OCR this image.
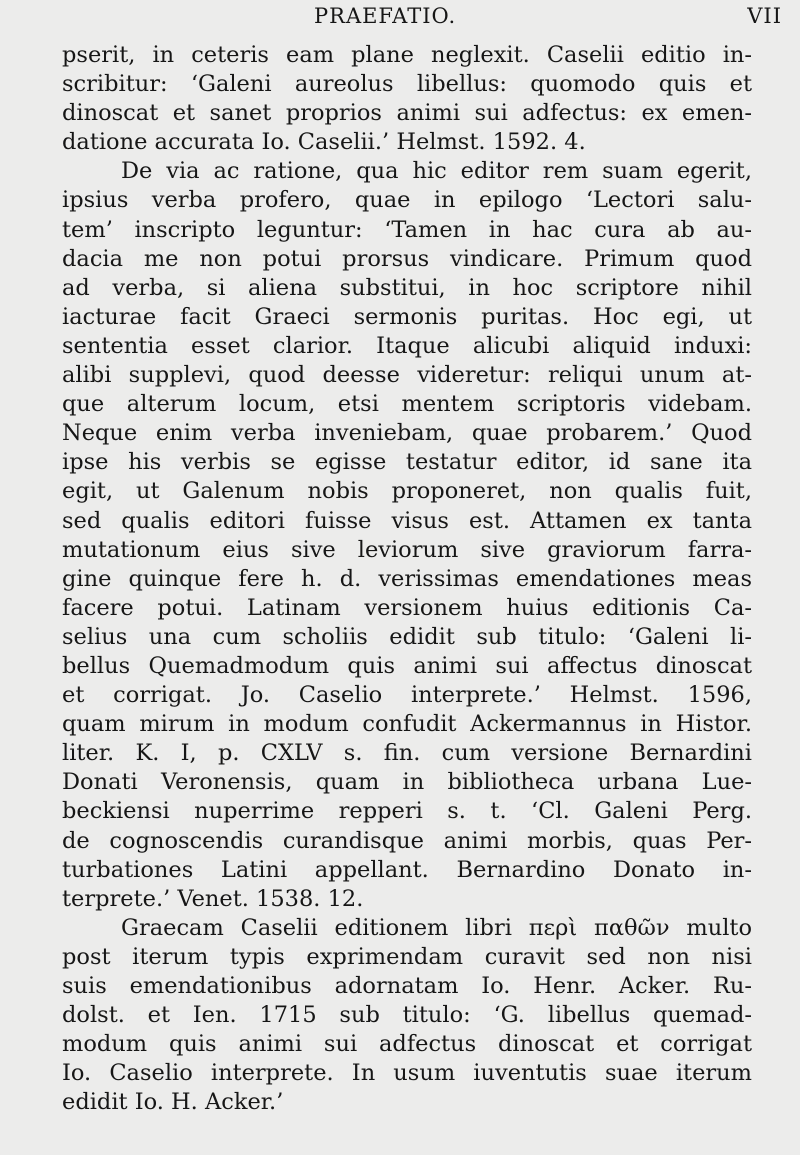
PRAEFATIO.	VII
pserit, in ceteris eam plane neglexit. Caselii editio in-
scribitur: ‘Galeni aureolus libellus: quomodo quis et
dinoscat et sanet proprios animi sui adfectus: ex emen-
datione accurata Io. Caselii.’ Helmst. 1592. 4.
De via ac ratione, qua hic editor rem suam egerit,
ipsius verba profero, quae in epilogo ‘Lectori salu-
tem’ inscripto leguntur: ‘Tamen in hac cura ab au-
dacia me non potui prorsus vindicare. Primum quod
ad verba, si aliena substitui, in hoc scriptore nihil
iacturae facit Graeci sermonis puritas. Hoc egi, ut
sententia esset clarior. Itaque alicubi aliquid induxi:
alibi supplevi, quod deesse videretur: reliqui unum at-
que alterum locum, etsi mentem scriptoris videbam.
Neque enim verba inveniebam, quae probarem.’ Quod
ipse his verbis se egisse testatur editor, id sane ita
egit, ut Galenum nobis proponeret, non qualis fuit,
sed qualis editori fuisse visus est. Attamen ex tanta
mutationum eius sive leviorum sive graviorum farra-
gine quinque fere h. d. verissimas emendationes meas
facere potui. Latinam versionem huius editionis Ca-
selius una cum scholiis edidit sub titulo: ‘Galeni li-
bellus Quemadmodum quis animi sui affectus dinoscat
et corrigat. Jo. Caselio interprete.’ Helmst. 1596,
quam mirum in modum confudit Ackermannus in Histor.
liter. K. I, p. CXLV s. fin. cum versione Bernardini
Donati Veronensis, quam in bibliotheca urbana Lue-
beckiensi nuperrime repperi s. t. ‘Cl. Galeni Perg.
de cognoscendis curandisque animi morbis, quas Per-
turbationes Latini appellant. Bernardino Donato in-
terprete.’ Venet. 1538. 12.
Graecam Caselii editionem libri περὶ παθῶν multo
post iterum typis exprimendam curavit sed non nisi
suis emendationibus adornatam Io. Henr. Acker. Ru-
dolst. et Ien. 1715 sub titulo: ‘G. libellus quemad-
modum quis animi sui adfectus dinoscat et corrigat
Io. Caselio interprete. In usum iuventutis suae iterum
edidit Io. H. Acker.’
